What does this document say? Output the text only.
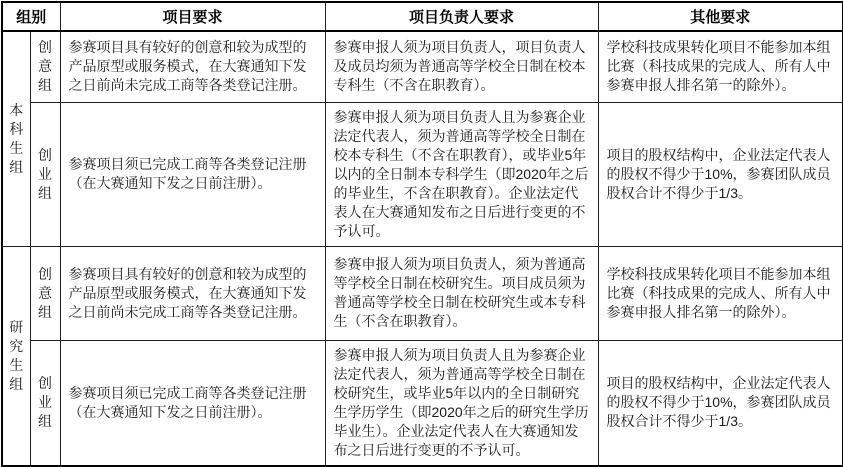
组别		项目要求	项目负责人要求	其他要求
本科生组	创意组	参赛项目具有较好的创意和较为成型的产品原型或服务模式，在大赛通知下发之日前尚未完成工商等各类登记注册。	参赛申报人须为项目负责人，项目负责人及成员均须为普通高等学校全日制在校本专科生（不含在职教育）。	学校科技成果转化项目不能参加本组比赛（科技成果的完成人、所有人中参赛申报人排名第一的除外）。
	创业组	参赛项目须已完成工商等各类登记注册（在大赛通知下发之日前注册）。	参赛申报人须为项目负责人且为参赛企业法定代表人，须为普通高等学校全日制在校本专科生（不含在职教育），或毕业5年以内的全日制本专科学生（即2020年之后的毕业生，不含在职教育）。企业法定代表人在大赛通知发布之日后进行变更的不予认可。	项目的股权结构中，企业法定代表人的股权不得少于10%，参赛团队成员股权合计不得少于1/3。
研究生组	创意组	参赛项目具有较好的创意和较为成型的产品原型或服务模式，在大赛通知下发之日前尚未完成工商等各类登记注册。	参赛申报人须为项目负责人，须为普通高等学校全日制在校研究生。项目成员须为普通高等学校全日制在校研究生或本专科生（不含在职教育）。	学校科技成果转化项目不能参加本组比赛（科技成果的完成人、所有人中参赛申报人排名第一的除外）。
	创业组	参赛项目须已完成工商等各类登记注册（在大赛通知下发之日前注册）。	参赛申报人须为项目负责人且为参赛企业法定代表人，须为普通高等学校全日制在校研究生，或毕业5年以内的全日制研究生学历学生（即2020年之后的研究生学历毕业生）。企业法定代表人在大赛通知发布之日后进行变更的不予认可。	项目的股权结构中，企业法定代表人的股权不得少于10%，参赛团队成员股权合计不得少于1/3。
